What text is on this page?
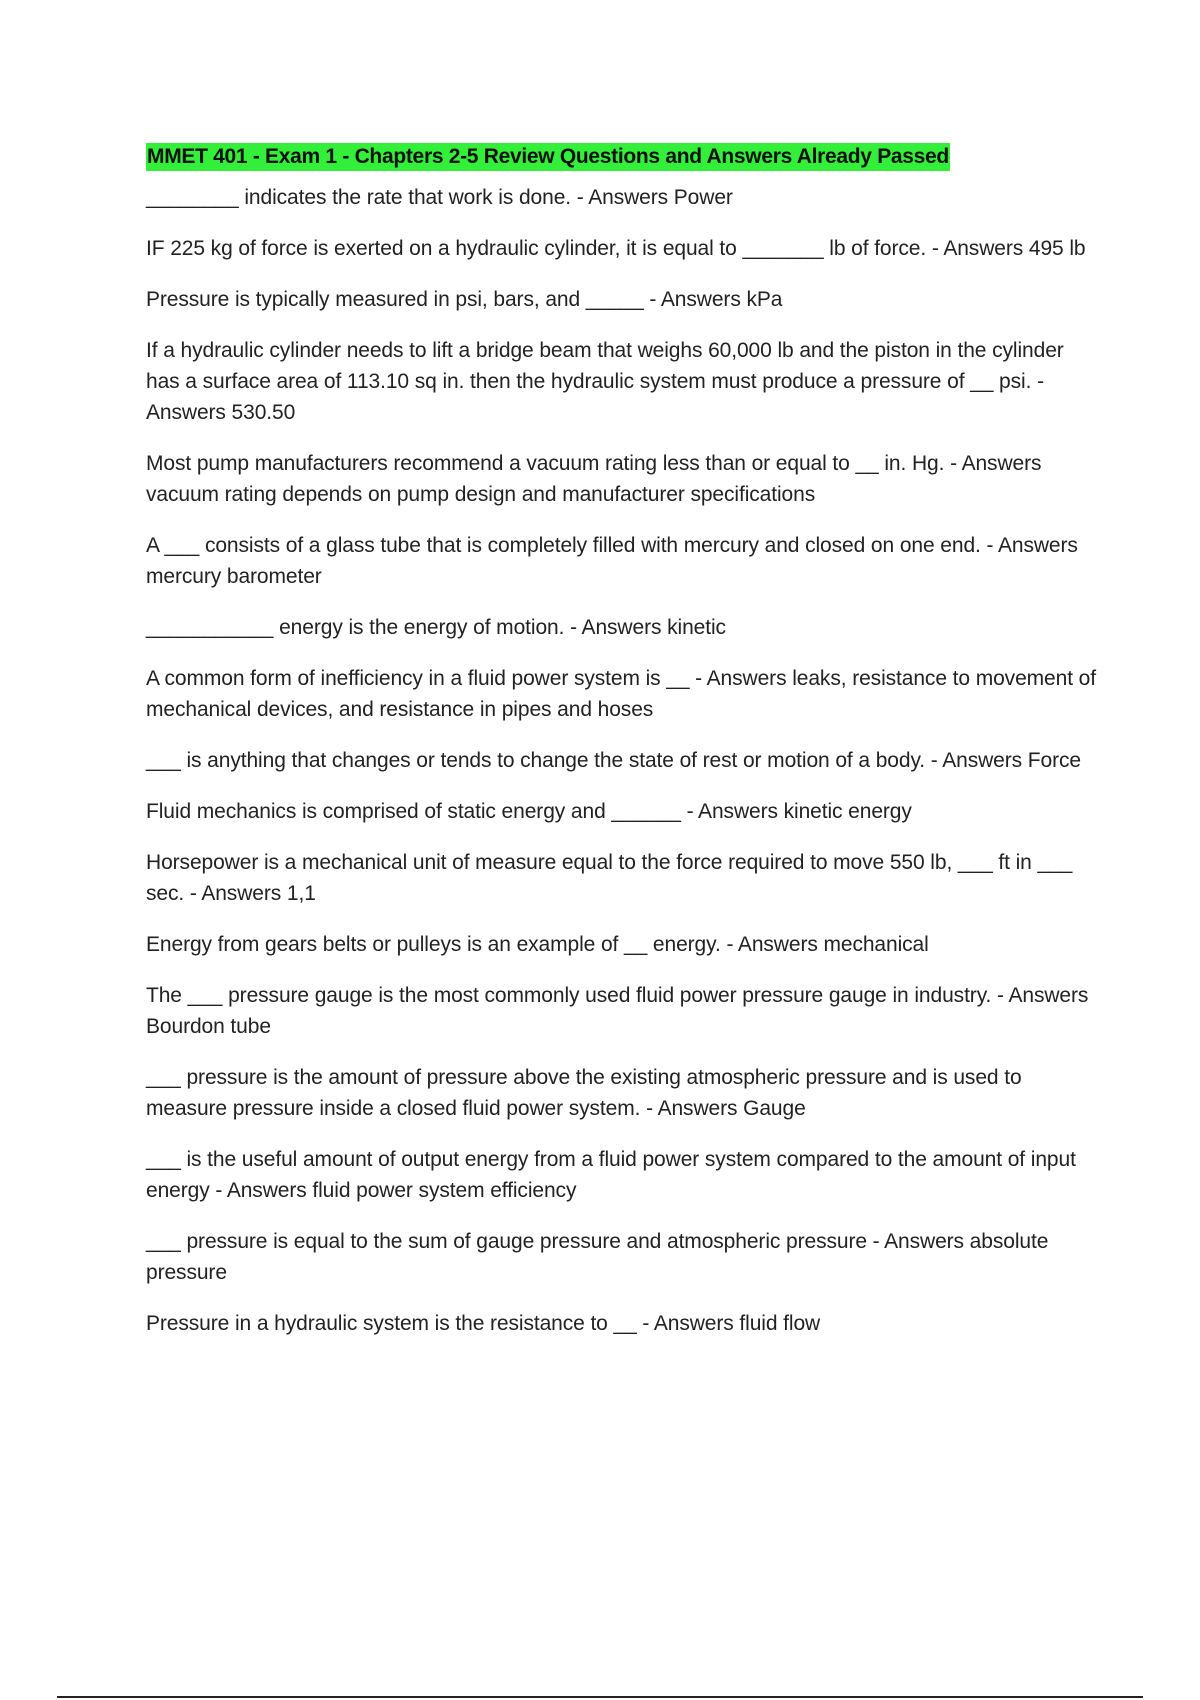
MMET 401 - Exam 1 - Chapters 2-5 Review Questions and Answers Already Passed

________ indicates the rate that work is done. - Answers Power

IF 225 kg of force is exerted on a hydraulic cylinder, it is equal to _______ lb of force. - Answers 495 lb

Pressure is typically measured in psi, bars, and _____ - Answers kPa

If a hydraulic cylinder needs to lift a bridge beam that weighs 60,000 lb and the piston in the cylinder has a surface area of 113.10 sq in. then the hydraulic system must produce a pressure of __ psi. - Answers 530.50

Most pump manufacturers recommend a vacuum rating less than or equal to __ in. Hg. - Answers vacuum rating depends on pump design and manufacturer specifications

A ___ consists of a glass tube that is completely filled with mercury and closed on one end. - Answers mercury barometer

___________ energy is the energy of motion. - Answers kinetic

A common form of inefficiency in a fluid power system is __ - Answers leaks, resistance to movement of mechanical devices, and resistance in pipes and hoses

___ is anything that changes or tends to change the state of rest or motion of a body. - Answers Force

Fluid mechanics is comprised of static energy and ______ - Answers kinetic energy

Horsepower is a mechanical unit of measure equal to the force required to move 550 lb, ___ ft in ___ sec. - Answers 1,1

Energy from gears belts or pulleys is an example of __ energy. - Answers mechanical

The ___ pressure gauge is the most commonly used fluid power pressure gauge in industry. - Answers Bourdon tube

___ pressure is the amount of pressure above the existing atmospheric pressure and is used to measure pressure inside a closed fluid power system. - Answers Gauge

___ is the useful amount of output energy from a fluid power system compared to the amount of input energy - Answers fluid power system efficiency

___ pressure is equal to the sum of gauge pressure and atmospheric pressure - Answers absolute pressure

Pressure in a hydraulic system is the resistance to __ - Answers fluid flow
